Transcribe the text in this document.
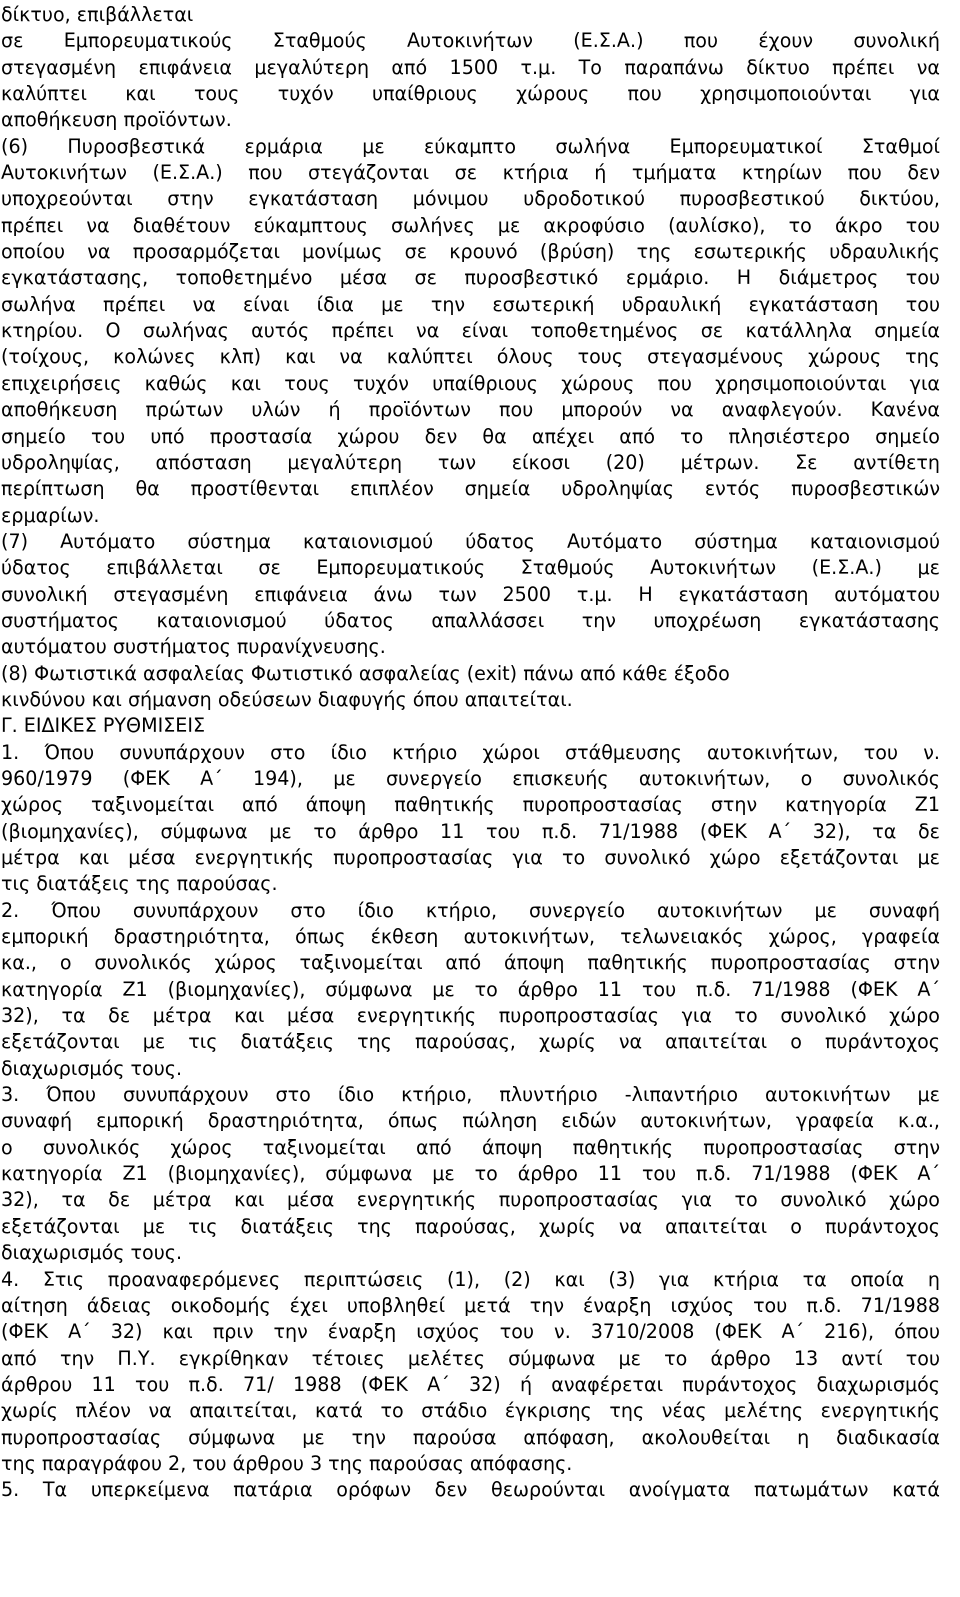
δίκτυο, επιβάλλεται
σε Εμπορευματικούς Σταθμούς Αυτοκινήτων (Ε.Σ.Α.) που έχουν συνολική
στεγασμένη επιφάνεια μεγαλύτερη από 1500 τ.μ. Το παραπάνω δίκτυο πρέπει να
καλύπτει και τους τυχόν υπαίθριους χώρους που χρησιμοποιούνται για
αποθήκευση προϊόντων.
(6) Πυροσβεστικά ερμάρια με εύκαμπτο σωλήνα Εμπορευματικοί Σταθμοί
Αυτοκινήτων (Ε.Σ.Α.) που στεγάζονται σε κτήρια ή τμήματα κτηρίων που δεν
υποχρεούνται στην εγκατάσταση μόνιμου υδροδοτικού πυροσβεστικού δικτύου,
πρέπει να διαθέτουν εύκαμπτους σωλήνες με ακροφύσιο (αυλίσκο), το άκρο του
οποίου να προσαρμόζεται μονίμως σε κρουνό (βρύση) της εσωτερικής υδραυλικής
εγκατάστασης, τοποθετημένο μέσα σε πυροσβεστικό ερμάριο. Η διάμετρος του
σωλήνα πρέπει να είναι ίδια με την εσωτερική υδραυλική εγκατάσταση του
κτηρίου. Ο σωλήνας αυτός πρέπει να είναι τοποθετημένος σε κατάλληλα σημεία
(τοίχους, κολώνες κλπ) και να καλύπτει όλους τους στεγασμένους χώρους της
επιχειρήσεις καθώς και τους τυχόν υπαίθριους χώρους που χρησιμοποιούνται για
αποθήκευση πρώτων υλών ή προϊόντων που μπορούν να αναφλεγούν. Κανένα
σημείο του υπό προστασία χώρου δεν θα απέχει από το πλησιέστερο σημείο
υδροληψίας, απόσταση μεγαλύτερη των είκοσι (20) μέτρων. Σε αντίθετη
περίπτωση θα προστίθενται επιπλέον σημεία υδροληψίας εντός πυροσβεστικών
ερμαρίων.
(7) Αυτόματο σύστημα καταιονισμού ύδατος Αυτόματο σύστημα καταιονισμού
ύδατος επιβάλλεται σε Εμπορευματικούς Σταθμούς Αυτοκινήτων (Ε.Σ.Α.) με
συνολική στεγασμένη επιφάνεια άνω των 2500 τ.μ. Η εγκατάσταση αυτόματου
συστήματος καταιονισμού ύδατος απαλλάσσει την υποχρέωση εγκατάστασης
αυτόματου συστήματος πυρανίχνευσης.
(8) Φωτιστικά ασφαλείας Φωτιστικό ασφαλείας (exit) πάνω από κάθε έξοδο
κινδύνου και σήμανση οδεύσεων διαφυγής όπου απαιτείται.
Γ. ΕΙΔΙΚΕΣ ΡΥΘΜΙΣΕΙΣ
1. Όπου συνυπάρχουν στο ίδιο κτήριο χώροι στάθμευσης αυτοκινήτων, του ν.
960/1979 (ΦΕΚ Α΄ 194), με συνεργείο επισκευής αυτοκινήτων, ο συνολικός
χώρος ταξινομείται από άποψη παθητικής πυροπροστασίας στην κατηγορία Ζ1
(βιομηχανίες), σύμφωνα με το άρθρο 11 του π.δ. 71/1988 (ΦΕΚ Α΄ 32), τα δε
μέτρα και μέσα ενεργητικής πυροπροστασίας για το συνολικό χώρο εξετάζονται με
τις διατάξεις της παρούσας.
2. Όπου συνυπάρχουν στο ίδιο κτήριο, συνεργείο αυτοκινήτων με συναφή
εμπορική δραστηριότητα, όπως έκθεση αυτοκινήτων, τελωνειακός χώρος, γραφεία
κα., ο συνολικός χώρος ταξινομείται από άποψη παθητικής πυροπροστασίας στην
κατηγορία Ζ1 (βιομηχανίες), σύμφωνα με το άρθρο 11 του π.δ. 71/1988 (ΦΕΚ Α΄
32), τα δε μέτρα και μέσα ενεργητικής πυροπροστασίας για το συνολικό χώρο
εξετάζονται με τις διατάξεις της παρούσας, χωρίς να απαιτείται ο πυράντοχος
διαχωρισμός τους.
3. Όπου συνυπάρχουν στο ίδιο κτήριο, πλυντήριο -λιπαντήριο αυτοκινήτων με
συναφή εμπορική δραστηριότητα, όπως πώληση ειδών αυτοκινήτων, γραφεία κ.α.,
ο συνολικός χώρος ταξινομείται από άποψη παθητικής πυροπροστασίας στην
κατηγορία Ζ1 (βιομηχανίες), σύμφωνα με το άρθρο 11 του π.δ. 71/1988 (ΦΕΚ Α΄
32), τα δε μέτρα και μέσα ενεργητικής πυροπροστασίας για το συνολικό χώρο
εξετάζονται με τις διατάξεις της παρούσας, χωρίς να απαιτείται ο πυράντοχος
διαχωρισμός τους.
4. Στις προαναφερόμενες περιπτώσεις (1), (2) και (3) για κτήρια τα οποία η
αίτηση άδειας οικοδομής έχει υποβληθεί μετά την έναρξη ισχύος του π.δ. 71/1988
(ΦΕΚ Α΄ 32) και πριν την έναρξη ισχύος του ν. 3710/2008 (ΦΕΚ Α΄ 216), όπου
από την Π.Υ. εγκρίθηκαν τέτοιες μελέτες σύμφωνα με το άρθρο 13 αντί του
άρθρου 11 του π.δ. 71/ 1988 (ΦΕΚ Α΄ 32) ή αναφέρεται πυράντοχος διαχωρισμός
χωρίς πλέον να απαιτείται, κατά το στάδιο έγκρισης της νέας μελέτης ενεργητικής
πυροπροστασίας σύμφωνα με την παρούσα απόφαση, ακολουθείται η διαδικασία
της παραγράφου 2, του άρθρου 3 της παρούσας απόφασης.
5. Τα υπερκείμενα πατάρια ορόφων δεν θεωρούνται ανοίγματα πατωμάτων κατά
